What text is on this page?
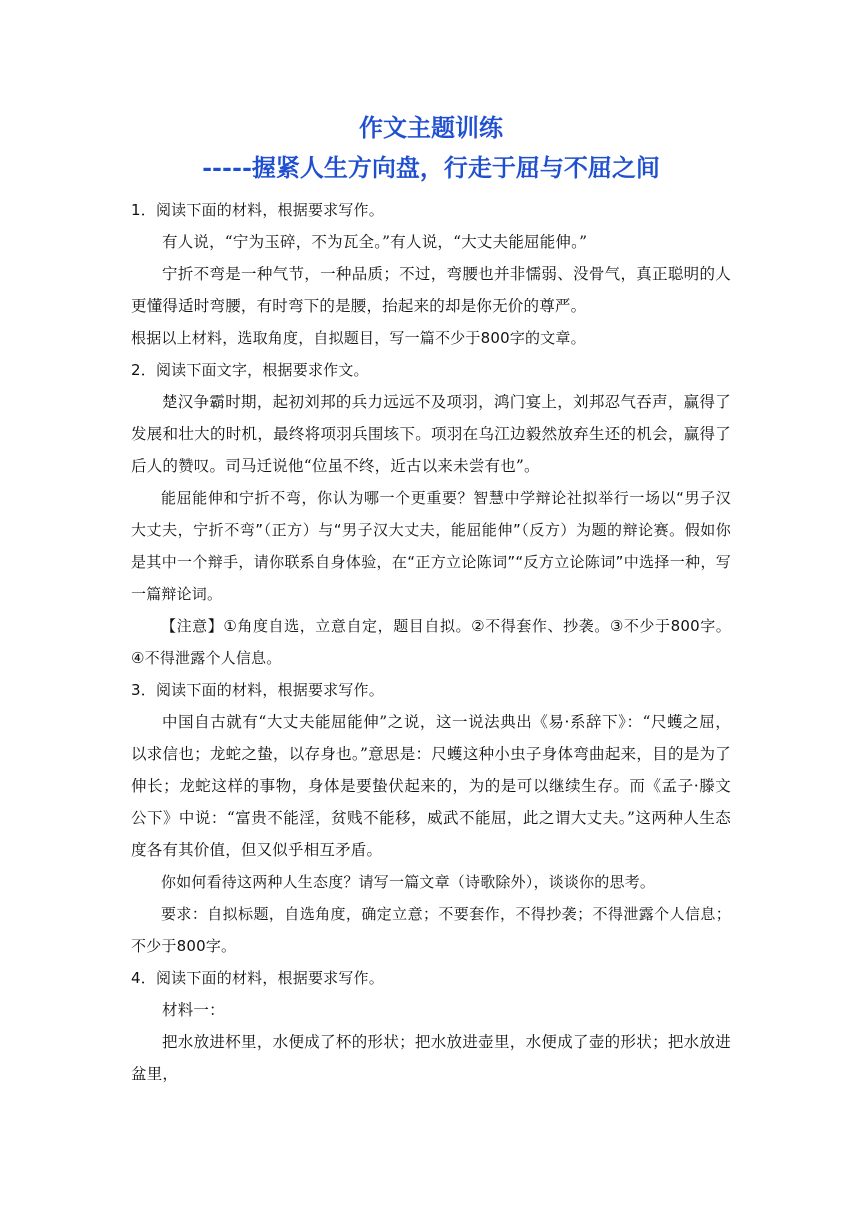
作文主题训练
-----握紧人生方向盘，行走于屈与不屈之间

1．阅读下面的材料，根据要求写作。

有人说，“宁为玉碎，不为瓦全。”有人说，“大丈夫能屈能伸。”

宁折不弯是一种气节，一种品质；不过，弯腰也并非懦弱、没骨气，真正聪明的人更懂得适时弯腰，有时弯下的是腰，抬起来的却是你无价的尊严。

根据以上材料，选取角度，自拟题目，写一篇不少于800字的文章。

2．阅读下面文字，根据要求作文。

楚汉争霸时期，起初刘邦的兵力远远不及项羽，鸿门宴上，刘邦忍气吞声，赢得了发展和壮大的时机，最终将项羽兵围垓下。项羽在乌江边毅然放弃生还的机会，赢得了后人的赞叹。司马迁说他“位虽不终，近古以来未尝有也”。

能屈能伸和宁折不弯，你认为哪一个更重要？智慧中学辩论社拟举行一场以“男子汉大丈夫，宁折不弯”（正方）与“男子汉大丈夫，能屈能伸”（反方）为题的辩论赛。假如你是其中一个辩手，请你联系自身体验，在“正方立论陈词”“反方立论陈词”中选择一种，写一篇辩论词。

【注意】①角度自选，立意自定，题目自拟。②不得套作、抄袭。③不少于800字。④不得泄露个人信息。

3．阅读下面的材料，根据要求写作。

中国自古就有“大丈夫能屈能伸”之说，这一说法典出《易·系辞下》：“尺蠖之屈，以求信也；龙蛇之蛰，以存身也。”意思是：尺蠖这种小虫子身体弯曲起来，目的是为了伸长；龙蛇这样的事物，身体是要蛰伏起来的，为的是可以继续生存。而《孟子·滕文公下》中说：“富贵不能淫，贫贱不能移，威武不能屈，此之谓大丈夫。”这两种人生态度各有其价值，但又似乎相互矛盾。

你如何看待这两种人生态度？请写一篇文章（诗歌除外），谈谈你的思考。

要求：自拟标题，自选角度，确定立意；不要套作，不得抄袭；不得泄露个人信息；不少于800字。

4．阅读下面的材料，根据要求写作。

材料一：

把水放进杯里，水便成了杯的形状；把水放进壶里，水便成了壶的形状；把水放进盆里，
